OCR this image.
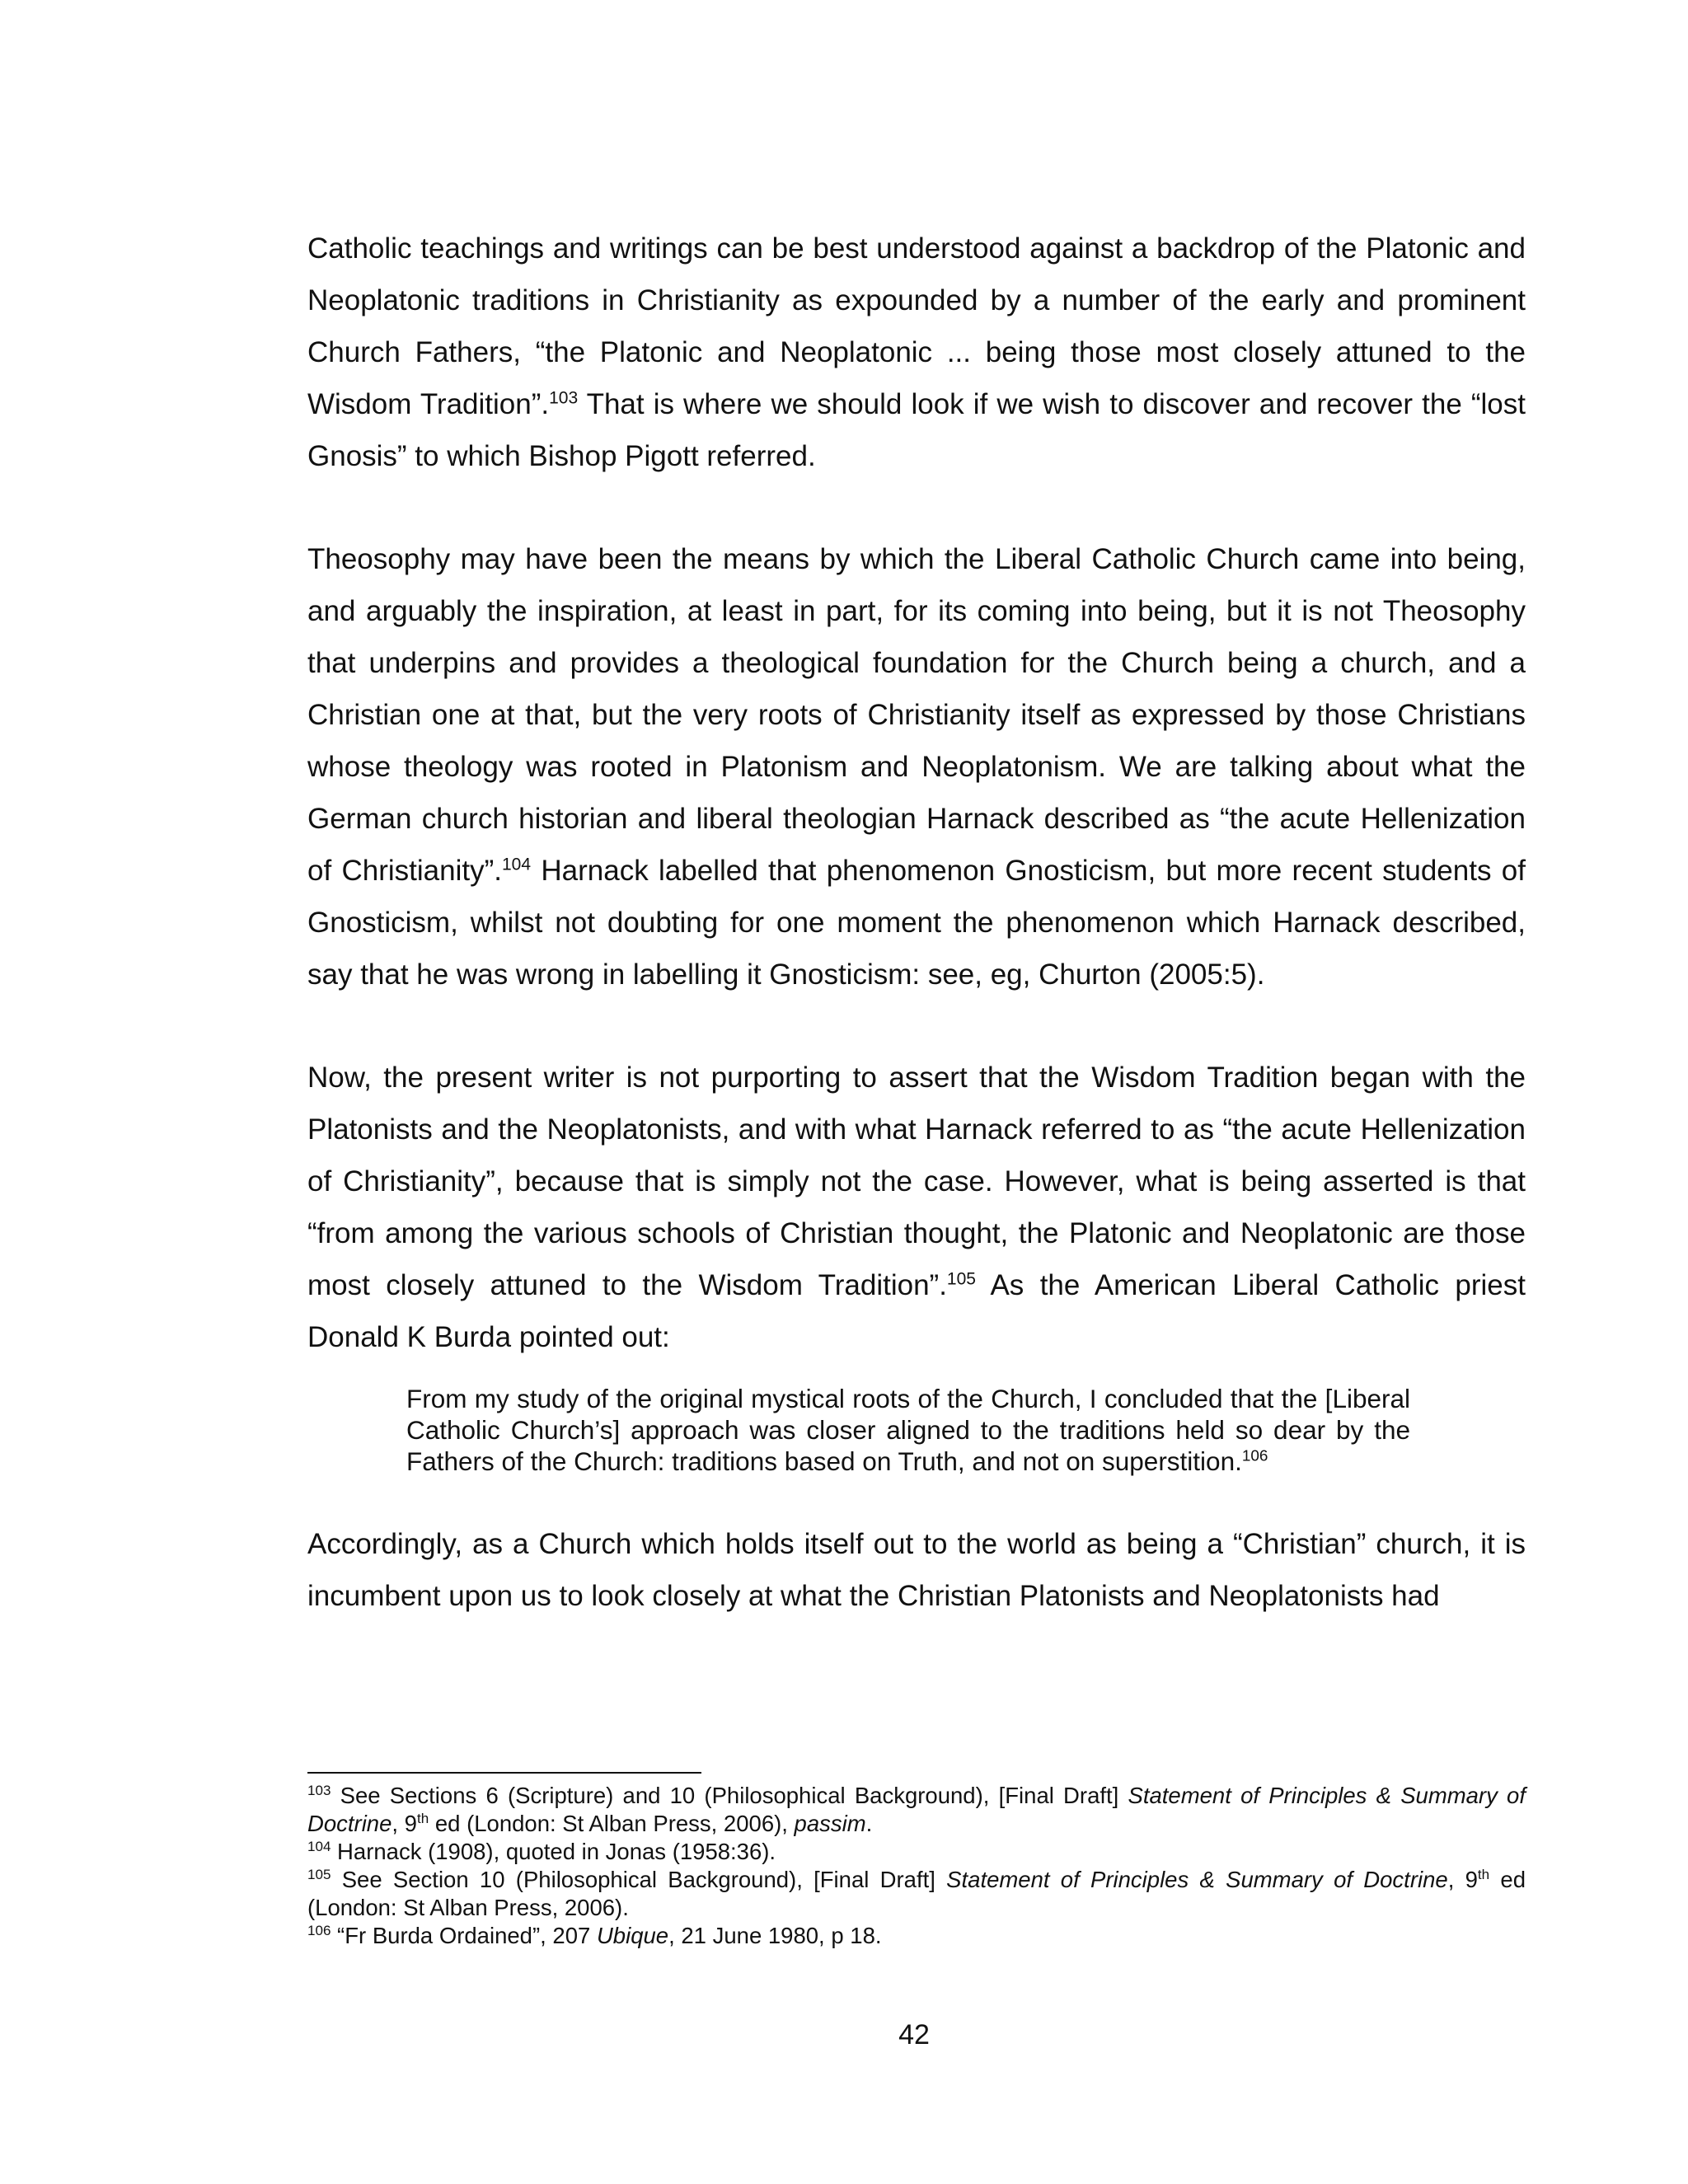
Catholic teachings and writings can be best understood against a backdrop of the Platonic and Neoplatonic traditions in Christianity as expounded by a number of the early and prominent Church Fathers, “the Platonic and Neoplatonic ... being those most closely attuned to the Wisdom Tradition”.$^{103}$ That is where we should look if we wish to discover and recover the “lost Gnosis” to which Bishop Pigott referred.

Theosophy may have been the means by which the Liberal Catholic Church came into being, and arguably the inspiration, at least in part, for its coming into being, but it is not Theosophy that underpins and provides a theological foundation for the Church being a church, and a Christian one at that, but the very roots of Christianity itself as expressed by those Christians whose theology was rooted in Platonism and Neoplatonism. We are talking about what the German church historian and liberal theologian Harnack described as “the acute Hellenization of Christianity”.$^{104}$ Harnack labelled that phenomenon Gnosticism, but more recent students of Gnosticism, whilst not doubting for one moment the phenomenon which Harnack described, say that he was wrong in labelling it Gnosticism: see, eg, Churton (2005:5).

Now, the present writer is not purporting to assert that the Wisdom Tradition began with the Platonists and the Neoplatonists, and with what Harnack referred to as “the acute Hellenization of Christianity”, because that is simply not the case. However, what is being asserted is that “from among the various schools of Christian thought, the Platonic and Neoplatonic are those most closely attuned to the Wisdom Tradition”.$^{105}$ As the American Liberal Catholic priest Donald K Burda pointed out:

From my study of the original mystical roots of the Church, I concluded that the [Liberal Catholic Church’s] approach was closer aligned to the traditions held so dear by the Fathers of the Church: traditions based on Truth, and not on superstition.$^{106}$

Accordingly, as a Church which holds itself out to the world as being a “Christian” church, it is incumbent upon us to look closely at what the Christian Platonists and Neoplatonists had

$^{103}$ See Sections 6 (Scripture) and 10 (Philosophical Background), [Final Draft] Statement of Principles & Summary of Doctrine, 9th ed (London: St Alban Press, 2006), passim.

$^{104}$ Harnack (1908), quoted in Jonas (1958:36).

$^{105}$ See Section 10 (Philosophical Background), [Final Draft] Statement of Principles & Summary of Doctrine, 9th ed (London: St Alban Press, 2006).

$^{106}$ “Fr Burda Ordained”, 207 Ubique, 21 June 1980, p 18.

42
